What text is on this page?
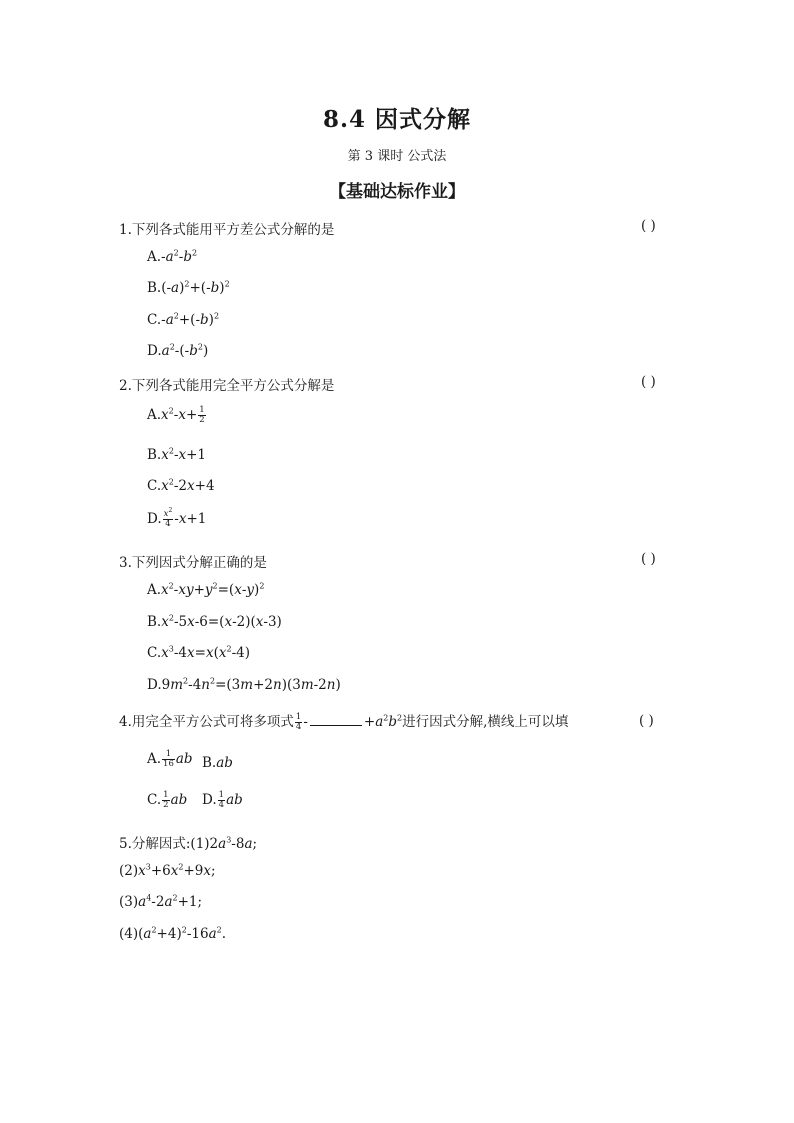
8.4 因式分解
第 3 课时 公式法
【基础达标作业】
1.下列各式能用平方差公式分解的是	( )
$A.-a^2-b^2$
$B.(-a)^2+(-b)^2$
$C.-a^2+(-b)^2$
$D.a^2-(-b^2)$
2.下列各式能用完全平方公式分解是	( )
$A.x^2-x+ \frac{1}{2}$
$B.x^2-x+1$
$C.x^2-2x+4$
D. $\frac{x^2}{4} -x+1$
3.下列因式分解正确的是	( )
$A.x^2-xy+y^2=(x-y)^2$
$B.x^2-5x-6=(x-2)(x-3)$
$C.x^3-4x=x(x^2-4)$
$D.9m^2-4n^2=(3m+2n)(3m-2n)$
4.用完全平方公式可将多项式 $\frac{1}{4}$ -	$+a^2b^2$进行因式分解,横线上可以填	( )
A. $\frac{1}{16}$ ab B.ab
C. $\frac{1}{2}$ ab D. $\frac{1}{4}$ ab
5.分解因式$:(1)2a^3-8a$;
$(2)x^3+6x^2+9x$;
$(3)a^4-2a^2+1$;
$(4)(a^2+4)^2-16a^2$.
